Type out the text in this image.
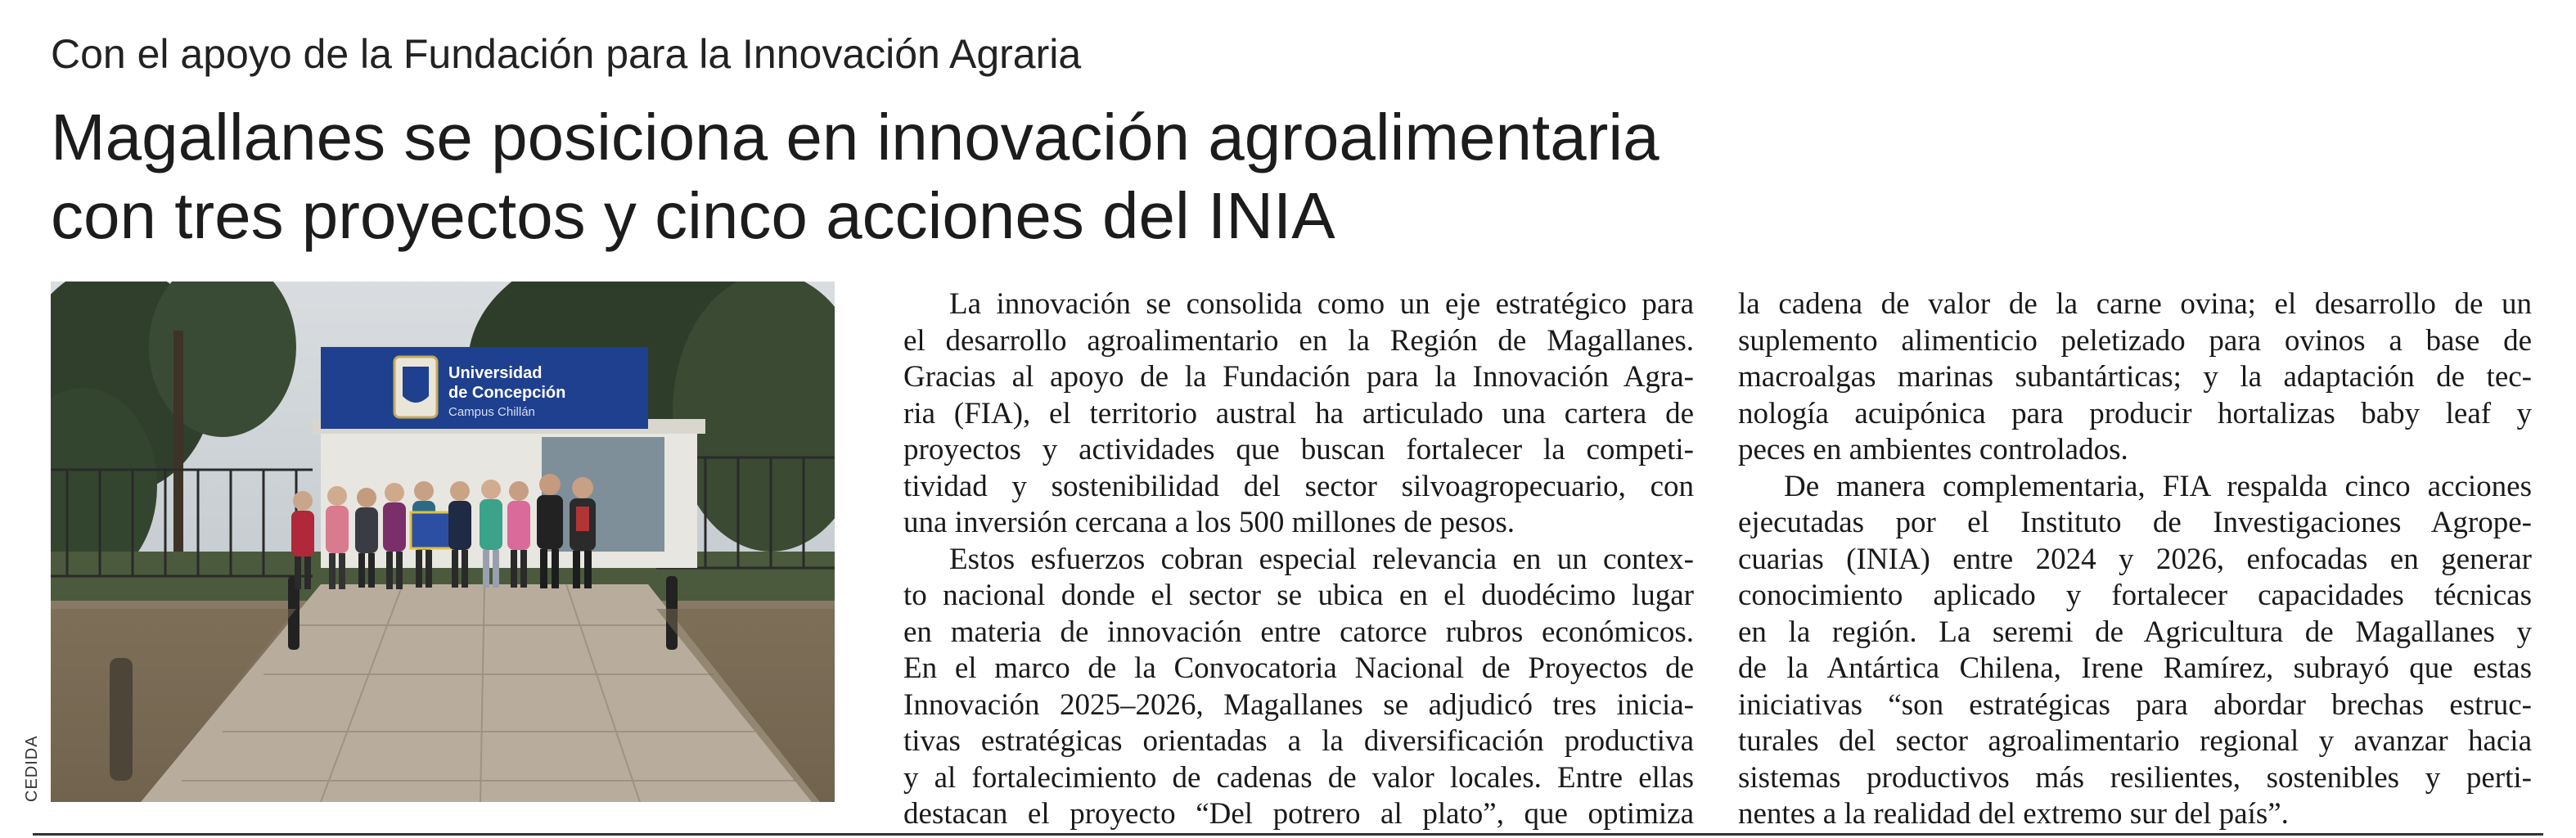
Con el apoyo de la Fundación para la Innovación Agraria
Magallanes se posiciona en innovación agroalimentaria
con tres proyectos y cinco acciones del INIA
Universidad
de Concepción
Campus Chillán
CEDIDA
La innovación se consolida como un eje estratégico para
el desarrollo agroalimentario en la Región de Magallanes.
Gracias al apoyo de la Fundación para la Innovación Agra-
ria (FIA), el territorio austral ha articulado una cartera de
proyectos y actividades que buscan fortalecer la competi-
tividad y sostenibilidad del sector silvoagropecuario, con
una inversión cercana a los 500 millones de pesos.
Estos esfuerzos cobran especial relevancia en un contex-
to nacional donde el sector se ubica en el duodécimo lugar
en materia de innovación entre catorce rubros económicos.
En el marco de la Convocatoria Nacional de Proyectos de
Innovación 2025–2026, Magallanes se adjudicó tres inicia-
tivas estratégicas orientadas a la diversificación productiva
y al fortalecimiento de cadenas de valor locales. Entre ellas
destacan el proyecto “Del potrero al plato”, que optimiza
la cadena de valor de la carne ovina; el desarrollo de un
suplemento alimenticio peletizado para ovinos a base de
macroalgas marinas subantárticas; y la adaptación de tec-
nología acuipónica para producir hortalizas baby leaf y
peces en ambientes controlados.
De manera complementaria, FIA respalda cinco acciones
ejecutadas por el Instituto de Investigaciones Agrope-
cuarias (INIA) entre 2024 y 2026, enfocadas en generar
conocimiento aplicado y fortalecer capacidades técnicas
en la región. La seremi de Agricultura de Magallanes y
de la Antártica Chilena, Irene Ramírez, subrayó que estas
iniciativas “son estratégicas para abordar brechas estruc-
turales del sector agroalimentario regional y avanzar hacia
sistemas productivos más resilientes, sostenibles y perti-
nentes a la realidad del extremo sur del país”.
